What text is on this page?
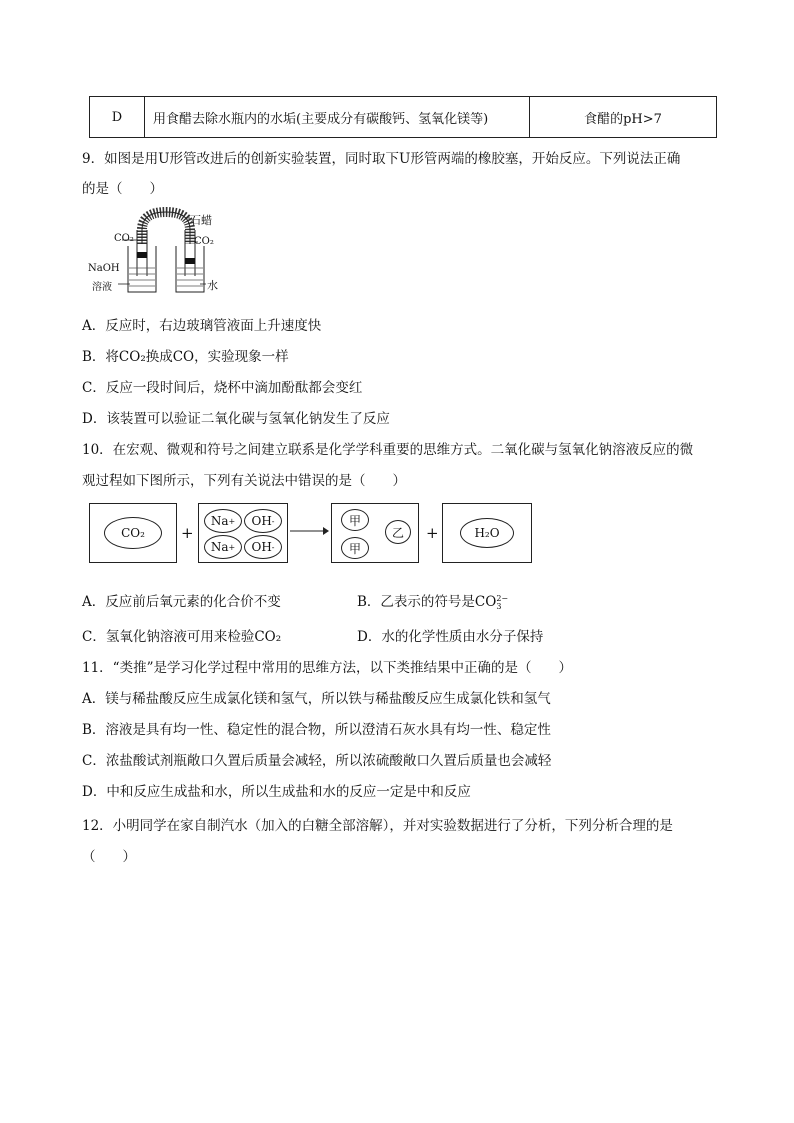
D	用食醋去除水瓶内的水垢(主要成分有碳酸钙、氢氧化镁等)	食醋的pH>7
9．如图是用U形管改进后的创新实验装置，同时取下U形管两端的橡胶塞，开始反应。下列说法正确
的是（　　）
石蜡
CO₂	CO₂
NaOH
溶液	水
A．反应时，右边玻璃管液面上升速度快
B．将CO₂换成CO，实验现象一样
C．反应一段时间后，烧杯中滴加酚酞都会变红
D．该装置可以验证二氧化碳与氢氧化钠发生了反应
10．在宏观、微观和符号之间建立联系是化学学科重要的思维方式。二氧化碳与氢氧化钠溶液反应的微
观过程如下图所示，下列有关说法中错误的是（　　）
CO₂	+
Na + OH -
Na + OH -
甲
甲
乙	+	H₂O
A．反应前后氧元素的化合价不变	B．乙表示的符号是CO 2−
3
C．氢氧化钠溶液可用来检验CO₂	D．水的化学性质由水分子保持
11．“类推”是学习化学过程中常用的思维方法，以下类推结果中正确的是（　　）
A．镁与稀盐酸反应生成氯化镁和氢气，所以铁与稀盐酸反应生成氯化铁和氢气
B．溶液是具有均一性、稳定性的混合物，所以澄清石灰水具有均一性、稳定性
C．浓盐酸试剂瓶敞口久置后质量会减轻，所以浓硫酸敞口久置后质量也会减轻
D．中和反应生成盐和水，所以生成盐和水的反应一定是中和反应
12．小明同学在家自制汽水（加入的白糖全部溶解），并对实验数据进行了分析，下列分析合理的是
（　　）
